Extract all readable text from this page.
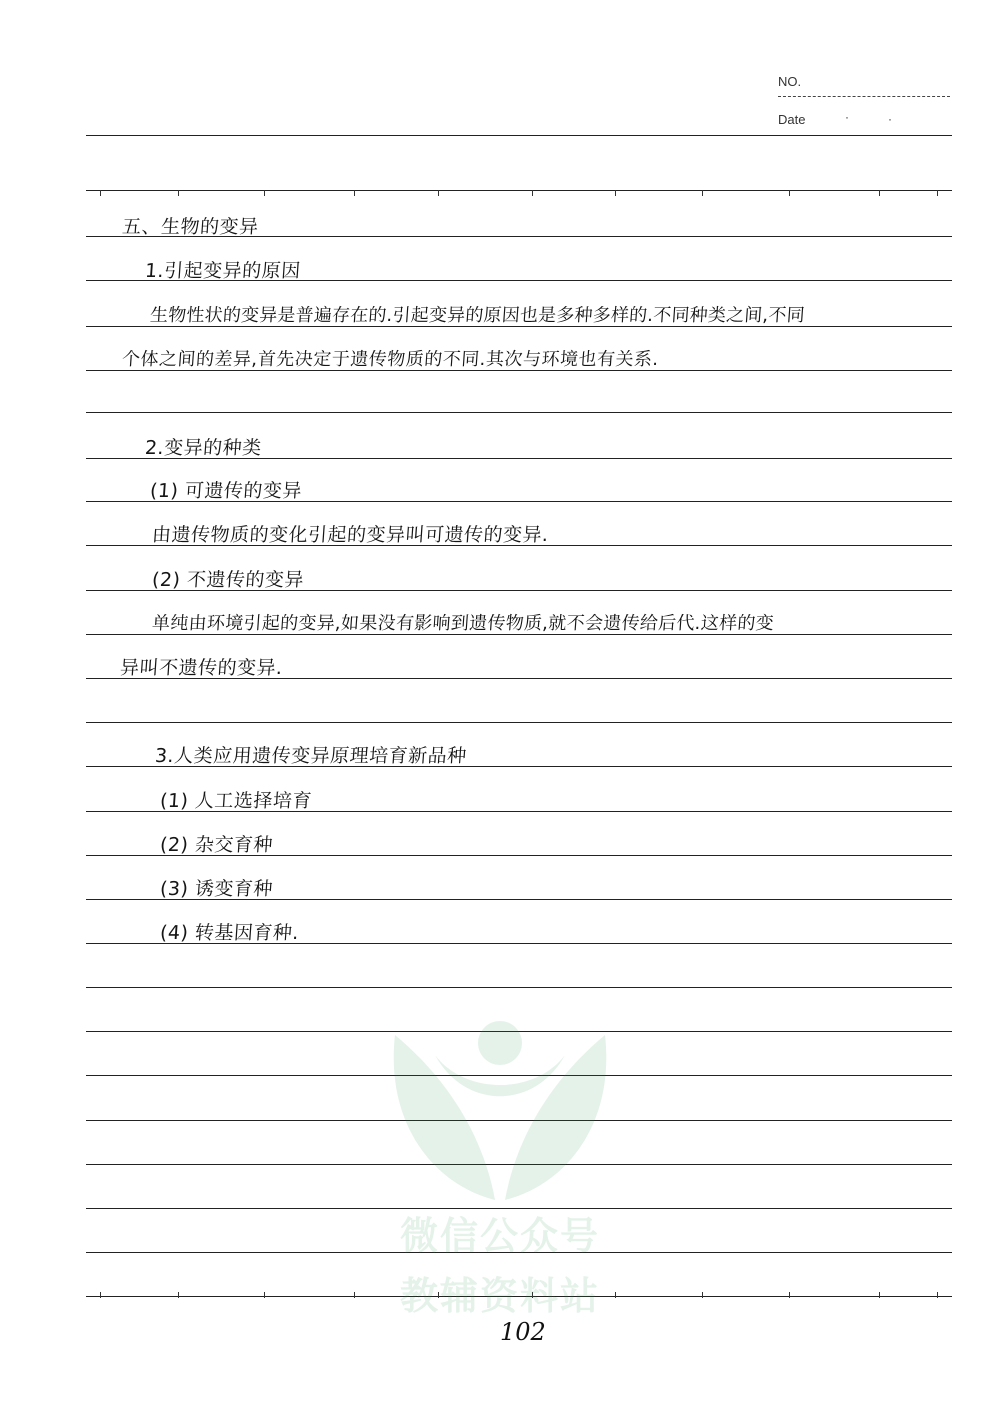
NO.
Date	·	·
微信公众号
教辅资料站
五、生物的变异
1.引起变异的原因
生物性状的变异是普遍存在的.引起变异的原因也是多种多样的.不同种类之间,不同
个体之间的差异,首先决定于遗传物质的不同.其次与环境也有关系.
2.变异的种类
(1) 可遗传的变异
由遗传物质的变化引起的变异叫可遗传的变异.
(2) 不遗传的变异
单纯由环境引起的变异,如果没有影响到遗传物质,就不会遗传给后代.这样的变
异叫不遗传的变异.
3.人类应用遗传变异原理培育新品种
(1) 人工选择培育
(2) 杂交育种
(3) 诱变育种
(4) 转基因育种.
102
